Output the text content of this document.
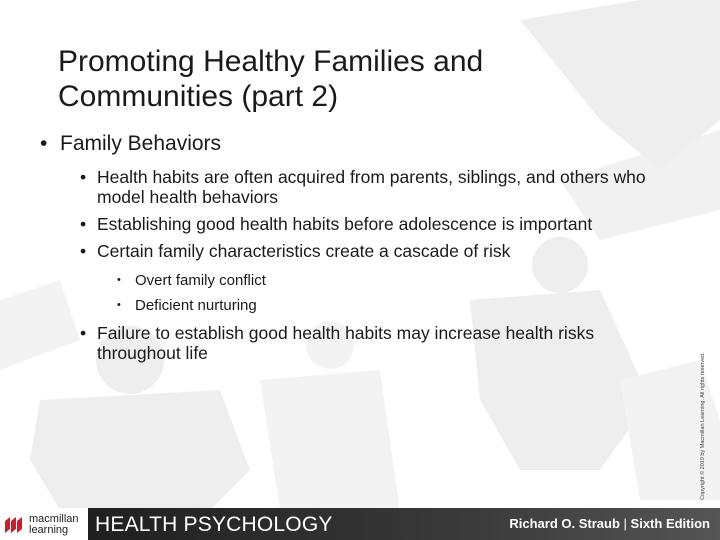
Promoting Healthy Families and Communities (part 2)
• Family Behaviors
• Health habits are often acquired from parents, siblings, and others who model health behaviors
• Establishing good health habits before adolescence is important
• Certain family characteristics create a cascade of risk
• Overt family conflict
• Deficient nurturing
• Failure to establish good health habits may increase health risks throughout life	Copyright © 2019 by Macmillan Learning. All rights reserved.
macmillan
learning	HEALTH PSYCHOLOGY	Richard O. Straub | Sixth Edition
